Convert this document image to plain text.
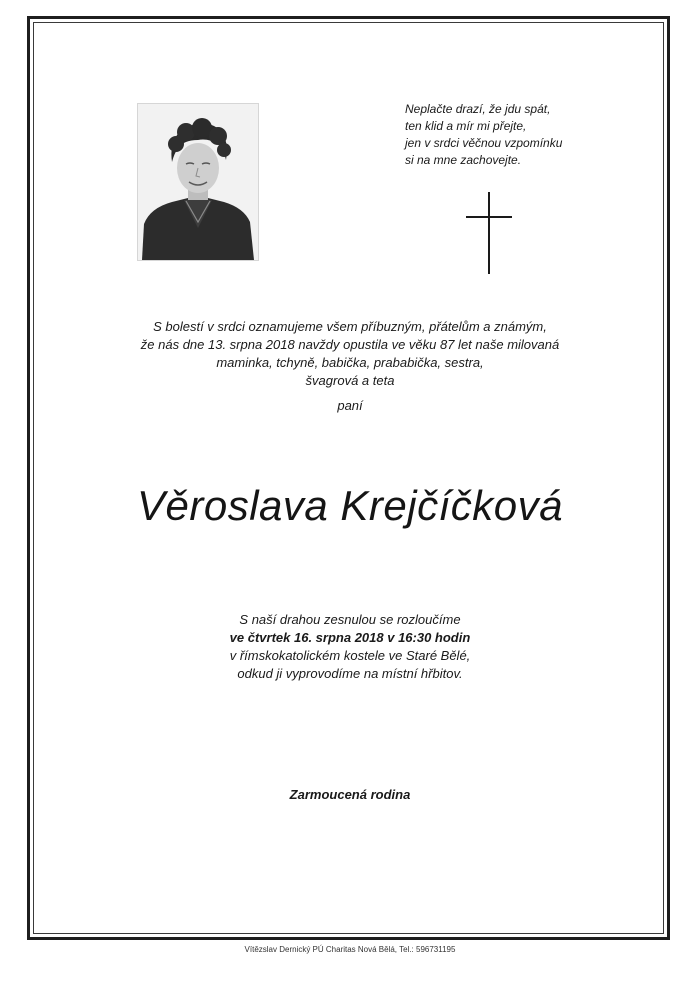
Neplačte drazí, že jdu spát,
ten klid a mír mi přejte,
jen v srdci věčnou vzpomínku
si na mne zachovejte.
S bolestí v srdci oznamujeme všem příbuzným, přátelům a známým,
že nás dne 13. srpna 2018 navždy opustila ve věku 87 let naše milovaná
maminka, tchyně, babička, prababička, sestra,
švagrová a teta
paní
Věroslava Krejčíčková
S naší drahou zesnulou se rozloučíme
ve čtvrtek 16. srpna 2018 v 16:30 hodin
v římskokatolickém kostele ve Staré Bělé,
odkud ji vyprovodíme na místní hřbitov.
Zarmoucená rodina
Vítězslav Dernický PÚ Charitas Nová Bělá, Tel.: 596731195
